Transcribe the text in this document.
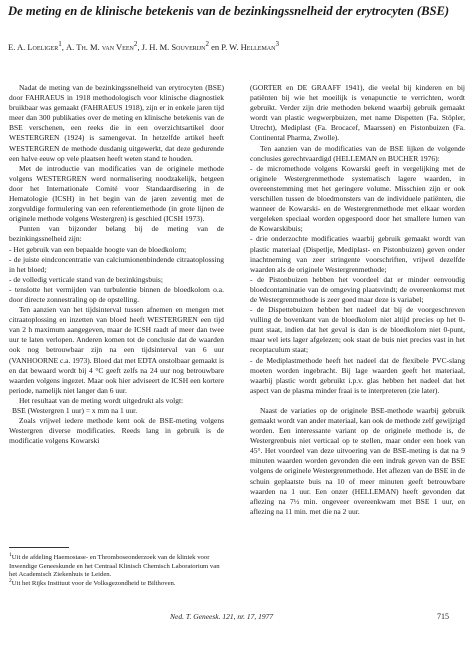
De meting en de klinische betekenis van de bezinkingssnelheid der erytrocyten (BSE)
E. A. Loeliger$^1$, A. Th. M. van Veen$^2$, J. H. M. Souverijn$^2$ en P. W. Helleman$^3$

Nadat de meting van de bezinkingssnelheid van erytrocyten (BSE) door FAHRAEUS in 1918 methodologisch voor klinische diagnostiek bruikbaar was gemaakt (FAHRAEUS 1918), zijn er in enkele jaren tijd meer dan 300 publikaties over de meting en klinische betekenis van de BSE verschenen, een reeks die in een overzichtsartikel door WESTERGREN (1924) is samengevat. In hetzelfde artikel heeft WESTERGREN de methode dusdanig uitgewerkt, dat deze gedurende een halve eeuw op vele plaatsen heeft weten stand te houden.

Met de introductie van modificaties van de originele methode volgens WESTERGREN werd normalisering noodzakelijk, hetgeen door het Internationale Comité voor Standaardisering in de Hematologie (ICSH) in het begin van de jaren zeventig met de zorgvuldige formulering van een referentiemethode (in grote lijnen de originele methode volgens Westergren) is geschied (ICSH 1973).

Punten van bijzonder belang bij de meting van de bezinkingssnelheid zijn:

- Het gebruik van een bepaalde hoogte van de bloedkolom;

- de juiste eindconcentratie van calciumionenbindende citraatoplossing in het bloed;

- de volledig verticale stand van de bezinkingsbuis;

- tenslotte het vermijden van turbulentie binnen de bloedkolom o.a. door directe zonnestraling op de opstelling.

Ten aanzien van het tijdsinterval tussen afnemen en mengen met citraatoplossing en inzetten van bloed heeft WESTERGREN een tijd van 2 h maximum aangegeven, maar de ICSH raadt af meer dan twee uur te laten verlopen. Anderen komen tot de conclusie dat de waarden ook nog betrouwbaar zijn na een tijdsinterval van 6 uur (VANHOORNE c.a. 1973). Bloed dat met EDTA onstolbaar gemaakt is en dat bewaard wordt bij 4 °C geeft zelfs na 24 uur nog betrouwbare waarden volgens ingezet. Maar ook hier adviseert de ICSH een kortere periode, namelijk niet langer dan 6 uur.

Het resultaat van de meting wordt uitgedrukt als volgt:

BSE (Westergren 1 uur) = x mm na 1 uur.

Zoals vrijwel iedere methode kent ook de BSE-meting volgens Westergren diverse modificaties. Reeds lang in gebruik is de modificatie volgens Kowarski

(GORTER en DE GRAAFF 1941), die veelal bij kinderen en bij patiënten bij wie het moeilijk is venapunctie te verrichten, wordt gebruikt. Verder zijn drie methoden bekend waarbij gebruik gemaakt wordt van plastic wegwerpbuizen, met name Dispetten (Fa. Stöpler, Utrecht), Mediplast (Fa. Brocacef, Maarssen) en Pistonbuizen (Fa. Continental Pharma, Zwolle).

Ten aanzien van de modificaties van de BSE lijken de volgende conclusies gerechtvaardigd (HELLEMAN en BUCHER 1976):

- de micromethode volgens Kowarski geeft in vergelijking met de originele Westergrenmethode systematisch lagere waarden, in overeenstemming met het geringere volume. Misschien zijn er ook verschillen tussen de bloedmonsters van de individuele patiënten, die wanneer de Kowarski- en de Westergrenmethode met elkaar worden vergeleken speciaal worden opgespoord door het smallere lumen van de Kowarskibuis;

- drie onderzochte modificaties waarbij gebruik gemaakt wordt van plastic materiaal (Dispetlje, Mediplast- en Pistonbuizen) geven onder inachtneming van zeer stringente voorschriften, vrijwel dezelfde waarden als de originele Westergrenmethode;

- de Pistonbuizen hebben het voordeel dat er minder eenvoudig bloedcontaminatie van de omgeving plaatsvindt; de overeenkomst met de Westergrenmethode is zeer goed maar deze is variabel;

- de Dispettebuizen hebben het nadeel dat bij de voorgeschreven vulling de bovenkant van de bloedkolom niet altijd precies op het 0-punt staat, indien dat het geval is dan is de bloedkolom niet 0-punt, maar wel iets lager afgelezen; ook staat de buis niet precies vast in het receptaculum staat;

- de Mediplastmethode heeft het nadeel dat de flexibele PVC-slang moeten worden ingebracht. Bij lage waarden geeft het materiaal, waarbij plastic wordt gebruikt i.p.v. glas hebben het nadeel dat het aspect van de plasma minder fraai is te interpreteren (zie later).

Naast de variaties op de originele BSE-methode waarbij gebruik gemaakt wordt van ander materiaal, kan ook de methode zelf gewijzigd worden. Een interessante variant op de originele methode is, de Westergrenbuis niet verticaal op te stellen, maar onder een hoek van 45°. Het voordeel van deze uitvoering van de BSE-meting is dat na 9 minuten waarden worden gevonden die een indruk geven van de BSE volgens de originele Westergrenmethode. Het aflezen van de BSE in de schuin geplaatste buis na 10 of meer minuten geeft betrouwbare waarden na 1 uur. Een onzer (HELLEMAN) heeft gevonden dat aflezing na 7½ min. ongeveer overeenkwam met BSE 1 uur, en aflezing na 11 min. met die na 2 uur.

$^1$Uit de afdeling Haemostase- en Thromboseonderzoek van de kliniek voor Inwendige Geneeskunde en het Centraal Klinisch Chemisch Laboratorium van het Academisch Ziekenhuis te Leiden.

$^2$Uit het Rijks Instituut voor de Volksgezondheid te Bilthoven.

Ned. T. Geneesk. 121, nr. 17, 1977	715
